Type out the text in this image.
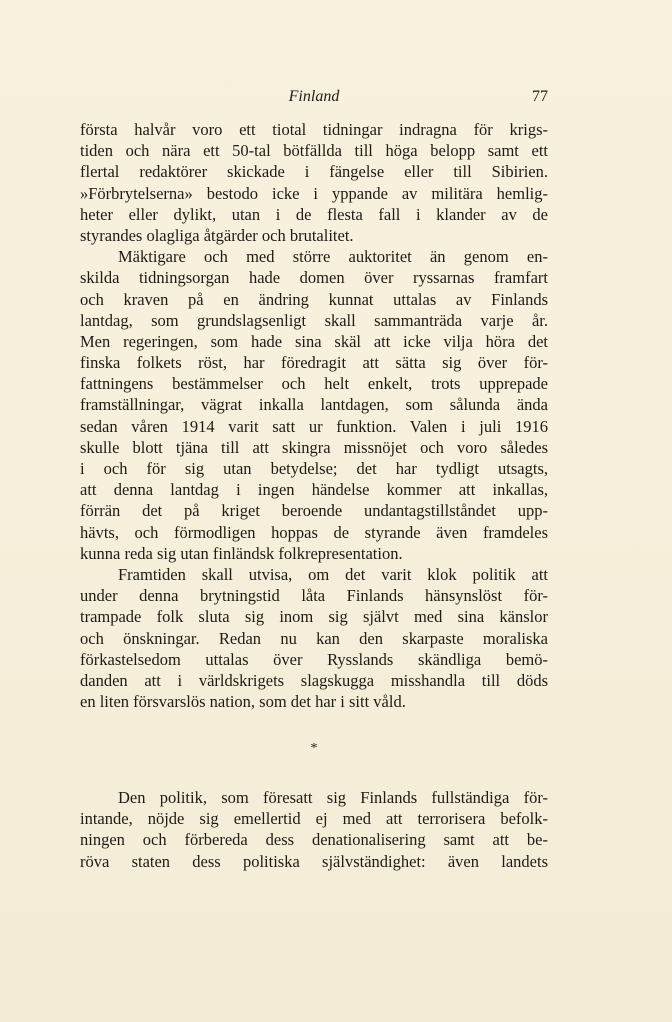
·
Finland	77
första halvår voro ett tiotal tidningar indragna för krigs-
tiden och nära ett 50-tal bötfällda till höga belopp samt ett
flertal redaktörer skickade i fängelse eller till Sibirien.
»Förbrytelserna» bestodo icke i yppande av militära hemlig-
heter eller dylikt, utan i de flesta fall i klander av de
styrandes olagliga åtgärder och brutalitet.
Mäktigare och med större auktoritet än genom en-
skilda tidningsorgan hade domen över ryssarnas framfart
och kraven på en ändring kunnat uttalas av Finlands
lantdag, som grundslagsenligt skall sammanträda varje år.
Men regeringen, som hade sina skäl att icke vilja höra det
finska folkets röst, har föredragit att sätta sig över för-
fattningens bestämmelser och helt enkelt, trots upprepade
framställningar, vägrat inkalla lantdagen, som sålunda ända
sedan våren 1914 varit satt ur funktion. Valen i juli 1916
skulle blott tjäna till att skingra missnöjet och voro således
i och för sig utan betydelse; det har tydligt utsagts,
att denna lantdag i ingen händelse kommer att inkallas,
förrän det på kriget beroende undantagstillståndet upp-
hävts, och förmodligen hoppas de styrande även framdeles
kunna reda sig utan finländsk folkrepresentation.
Framtiden skall utvisa, om det varit klok politik att
under denna brytningstid låta Finlands hänsynslöst för-
trampade folk sluta sig inom sig självt med sina känslor
och önskningar. Redan nu kan den skarpaste moraliska
förkastelsedom uttalas över Rysslands skändliga bemö-
danden att i världskrigets slagskugga misshandla till döds
en liten försvarslös nation, som det har i sitt våld.
*
Den politik, som föresatt sig Finlands fullständiga för-
intande, nöjde sig emellertid ej med att terrorisera befolk-
ningen och förbereda dess denationalisering samt att be-
röva staten dess politiska självständighet: även landets
